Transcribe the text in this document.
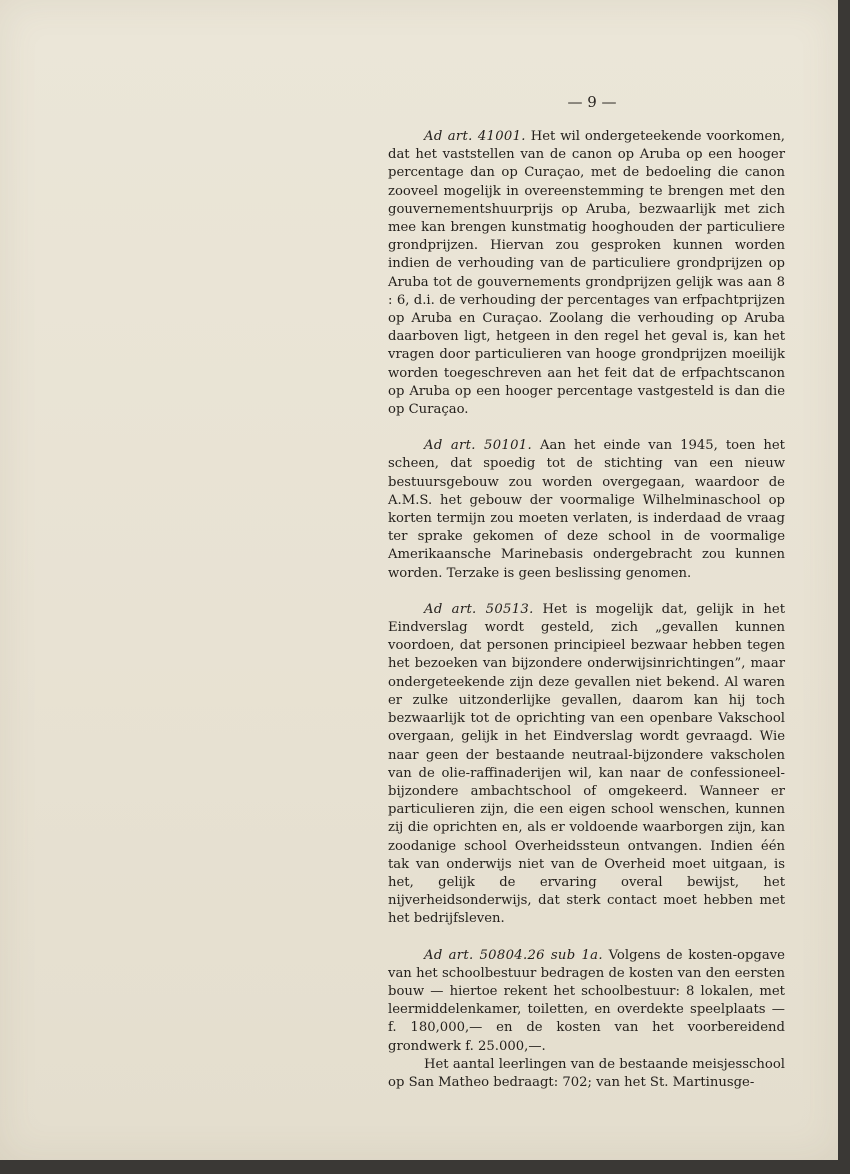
— 9 —

Ad art. 41001. Het wil ondergeteekende voorkomen, dat het vaststellen van de canon op Aruba op een hooger percentage dan op Curaçao, met de bedoeling die canon zooveel mogelijk in overeenstemming te brengen met den gouvernementshuurprijs op Aruba, bezwaarlijk met zich mee kan brengen kunstmatig hooghouden der particuliere grondprijzen. Hiervan zou gesproken kunnen worden indien de verhouding van de particuliere grondprijzen op Aruba tot de gouvernements grondprijzen gelijk was aan 8 : 6, d.i. de verhouding der percentages van erfpachtprijzen op Aruba en Curaçao. Zoolang die verhouding op Aruba daarboven ligt, hetgeen in den regel het geval is, kan het vragen door particulieren van hooge grondprijzen moeilijk worden toegeschreven aan het feit dat de erfpachtscanon op Aruba op een hooger percentage vastgesteld is dan die op Curaçao.

Ad art. 50101. Aan het einde van 1945, toen het scheen, dat spoedig tot de stichting van een nieuw bestuursgebouw zou worden overgegaan, waardoor de A.M.S. het gebouw der voormalige Wilhelminaschool op korten termijn zou moeten verlaten, is inderdaad de vraag ter sprake gekomen of deze school in de voormalige Amerikaansche Marinebasis ondergebracht zou kunnen worden. Terzake is geen beslissing genomen.

Ad art. 50513. Het is mogelijk dat, gelijk in het Eindverslag wordt gesteld, zich „gevallen kunnen voordoen, dat personen principieel bezwaar hebben tegen het bezoeken van bijzondere onderwijsinrichtingen”, maar ondergeteekende zijn deze gevallen niet bekend. Al waren er zulke uitzonderlijke gevallen, daarom kan hij toch bezwaarlijk tot de oprichting van een openbare Vakschool overgaan, gelijk in het Eindverslag wordt gevraagd. Wie naar geen der bestaande neutraal-bijzondere vakscholen van de olie-raffinaderijen wil, kan naar de confessioneel-bijzondere ambachtschool of omgekeerd. Wanneer er particulieren zijn, die een eigen school wenschen, kunnen zij die oprichten en, als er voldoende waarborgen zijn, kan zoodanige school Overheidssteun ontvangen. Indien één tak van onderwijs niet van de Overheid moet uitgaan, is het, gelijk de ervaring overal bewijst, het nijverheidsonderwijs, dat sterk contact moet hebben met het bedrijfsleven.

Ad art. 50804.26 sub 1a. Volgens de kosten-opgave van het schoolbestuur bedragen de kosten van den eersten bouw — hiertoe rekent het schoolbestuur: 8 lokalen, met leermiddelenkamer, toiletten, en overdekte speelplaats — f. 180,000,— en de kosten van het voorbereidend grondwerk f. 25.000,—.

Het aantal leerlingen van de bestaande meisjesschool op San Matheo bedraagt: 702; van het St. Martinusge-
